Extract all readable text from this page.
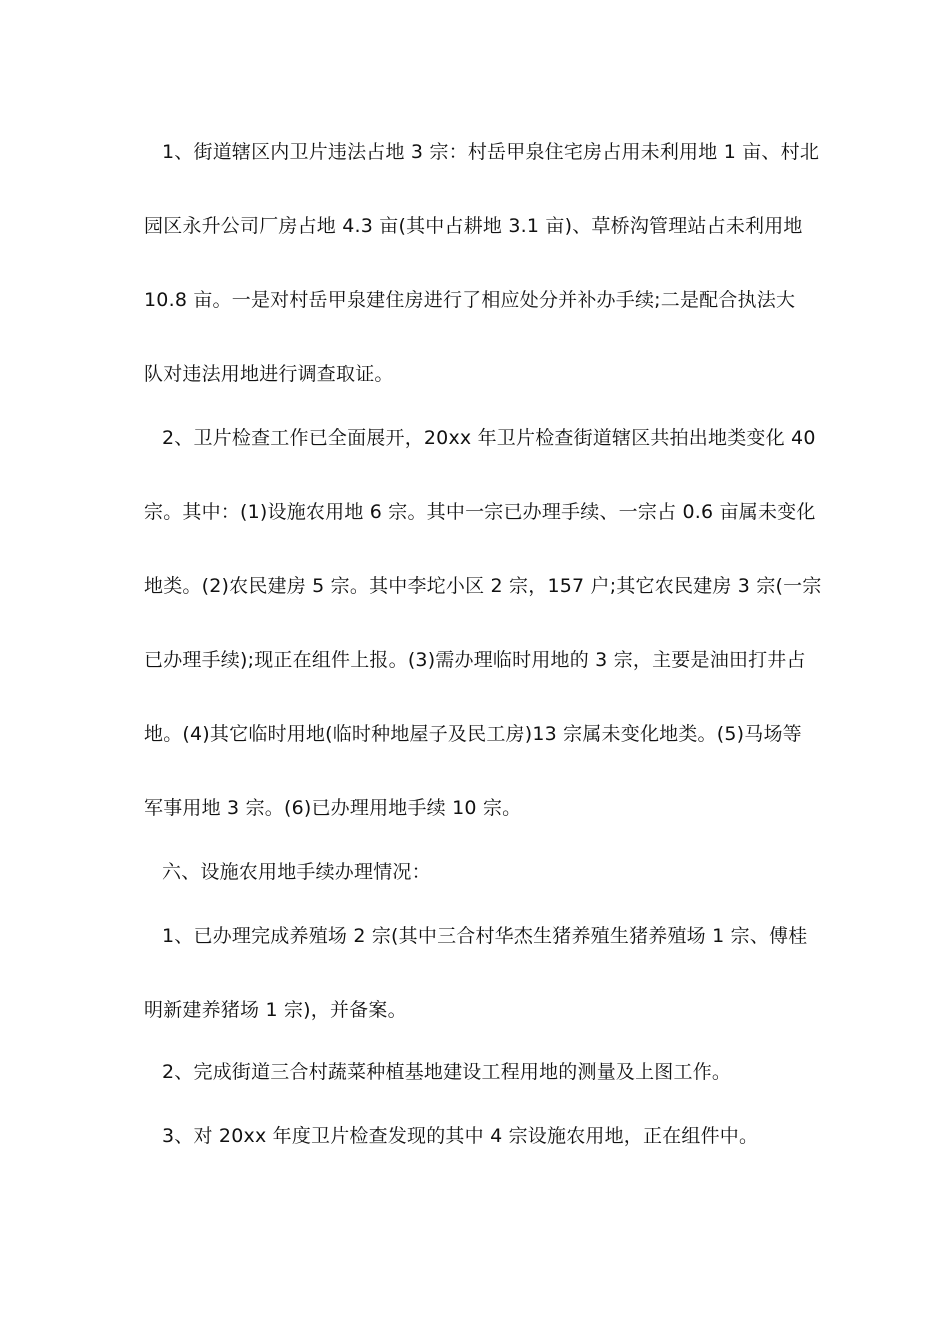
1、街道辖区内卫片违法占地 3 宗：村岳甲泉住宅房占用未利用地 1 亩、村北
园区永升公司厂房占地 4.3 亩(其中占耕地 3.1 亩)、草桥沟管理站占未利用地
10.8 亩。一是对村岳甲泉建住房进行了相应处分并补办手续;二是配合执法大
队对违法用地进行调查取证。
2、卫片检查工作已全面展开，20xx 年卫片检查街道辖区共拍出地类变化 40
宗。其中：(1)设施农用地 6 宗。其中一宗已办理手续、一宗占 0.6 亩属未变化
地类。(2)农民建房 5 宗。其中李坨小区 2 宗，157 户;其它农民建房 3 宗(一宗
已办理手续);现正在组件上报。(3)需办理临时用地的 3 宗，主要是油田打井占
地。(4)其它临时用地(临时种地屋子及民工房)13 宗属未变化地类。(5)马场等
军事用地 3 宗。(6)已办理用地手续 10 宗。
六、设施农用地手续办理情况：
1、已办理完成养殖场 2 宗(其中三合村华杰生猪养殖生猪养殖场 1 宗、傅桂
明新建养猪场 1 宗)，并备案。
2、完成街道三合村蔬菜种植基地建设工程用地的测量及上图工作。
3、对 20xx 年度卫片检查发现的其中 4 宗设施农用地，正在组件中。
